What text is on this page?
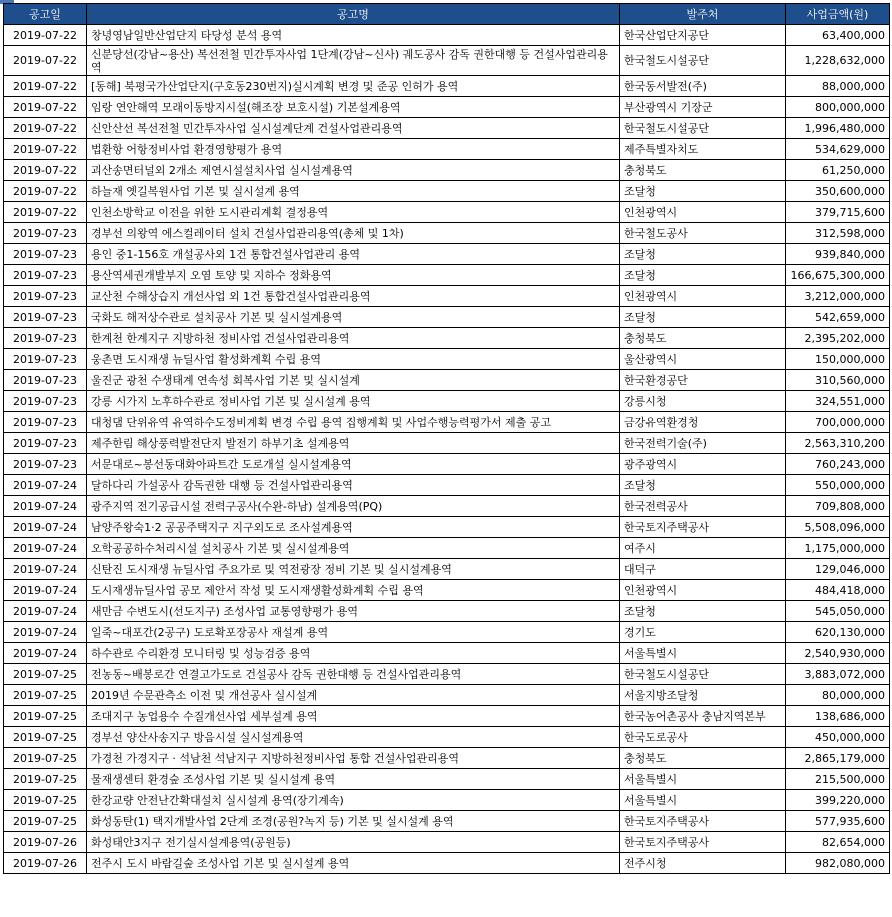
공고일	공고명	발주처	사업금액(원)
2019-07-22	창녕영남일반산업단지 타당성 분석 용역	한국산업단지공단	63,400,000
2019-07-22	신분당선(강남~용산) 복선전철 민간투자사업 1단계(강남~신사) 궤도공사 감독 권한대행 등 건설사업관리용역	한국철도시설공단	1,228,632,000
2019-07-22	[동해] 북평국가산업단지(구호동230번지)실시계획 변경 및 준공 인허가 용역	한국동서발전(주)	88,000,000
2019-07-22	임랑 연안해역 모래이동방지시설(해조장 보호시설) 기본설계용역	부산광역시 기장군	800,000,000
2019-07-22	신안산선 복선전철 민간투자사업 실시설계단계 건설사업관리용역	한국철도시설공단	1,996,480,000
2019-07-22	법환항 어항정비사업 환경영향평가 용역	제주특별자치도	534,629,000
2019-07-22	괴산송면터널외 2개소 제연시설설치사업 실시설계용역	충청북도	61,250,000
2019-07-22	하늘재 옛길복원사업 기본 및 실시설계 용역	조달청	350,600,000
2019-07-22	인천소방학교 이전을 위한 도시관리계획 결정용역	인천광역시	379,715,600
2019-07-23	경부선 의왕역 에스컬레이터 설치 건설사업관리용역(총체 및 1차)	한국철도공사	312,598,000
2019-07-23	용인 중1-156호 개설공사외 1건 통합건설사업관리 용역	조달청	939,840,000
2019-07-23	용산역세권개발부지 오염 토양 및 지하수 정화용역	조달청	166,675,300,000
2019-07-23	교산천 수해상습지 개선사업 외 1건 통합건설사업관리용역	인천광역시	3,212,000,000
2019-07-23	국화도 해저상수관로 설치공사 기본 및 실시설계용역	조달청	542,659,000
2019-07-23	한계천 한계지구 지방하천 정비사업 건설사업관리용역	충청북도	2,395,202,000
2019-07-23	웅촌면 도시재생 뉴딜사업 활성화계획 수립 용역	울산광역시	150,000,000
2019-07-23	울진군 광천 수생태계 연속성 회복사업 기본 및 실시설계	한국환경공단	310,560,000
2019-07-23	강릉 시가지 노후하수관로 정비사업 기본 및 실시설계 용역	강릉시청	324,551,000
2019-07-23	대청댐 단위유역 유역하수도정비계획 변경 수립 용역 집행계획 및 사업수행능력평가서 제출 공고	금강유역환경청	700,000,000
2019-07-23	제주한림 해상풍력발전단지 발전기 하부기초 설계용역	한국전력기술(주)	2,563,310,200
2019-07-23	서문대로~봉선동대화아파트간 도로개설 실시설계용역	광주광역시	760,243,000
2019-07-24	달하다리 가설공사 감독권한 대행 등 건설사업관리용역	조달청	550,000,000
2019-07-24	광주지역 전기공급시설 전력구공사(수완-하남) 설계용역(PQ)	한국전력공사	709,808,000
2019-07-24	남양주왕숙1·2 공공주택지구 지구외도로 조사설계용역	한국토지주택공사	5,508,096,000
2019-07-24	오학공공하수처리시설 설치공사 기본 및 실시설계용역	여주시	1,175,000,000
2019-07-24	신탄진 도시재생 뉴딜사업 주요가로 및 역전광장 정비 기본 및 실시설계용역	대덕구	129,046,000
2019-07-24	도시재생뉴딜사업 공모 제안서 작성 및 도시재생활성화계획 수립 용역	인천광역시	484,418,000
2019-07-24	새만금 수변도시(선도지구) 조성사업 교통영향평가 용역	조달청	545,050,000
2019-07-24	일죽~대포간(2공구) 도로확포장공사 재설계 용역	경기도	620,130,000
2019-07-24	하수관로 수리환경 모니터링 및 성능검증 용역	서울특별시	2,540,930,000
2019-07-25	전농동~배봉로간 연결고가도로 건설공사 감독 권한대행 등 건설사업관리용역	한국철도시설공단	3,883,072,000
2019-07-25	2019년 수문관측소 이전 및 개선공사 실시설계	서울지방조달청	80,000,000
2019-07-25	조대지구 농업용수 수질개선사업 세부설계 용역	한국농어촌공사 충남지역본부	138,686,000
2019-07-25	경부선 양산사송지구 방음시설 실시설계용역	한국도로공사	450,000,000
2019-07-25	가경천 가경지구 · 석남천 석남지구 지방하천정비사업 통합 건설사업관리용역	충청북도	2,865,179,000
2019-07-25	물재생센터 환경숲 조성사업 기본 및 실시설계 용역	서울특별시	215,500,000
2019-07-25	한강교량 안전난간확대설치 실시설계 용역(장기계속)	서울특별시	399,220,000
2019-07-25	화성동탄(1) 택지개발사업 2단계 조경(공원?녹지 등) 기본 및 실시설계 용역	한국토지주택공사	577,935,600
2019-07-26	화성태안3지구 전기실시설계용역(공원등)	한국토지주택공사	82,654,000
2019-07-26	전주시 도시 바람길숲 조성사업 기본 및 실시설계 용역	전주시청	982,080,000
